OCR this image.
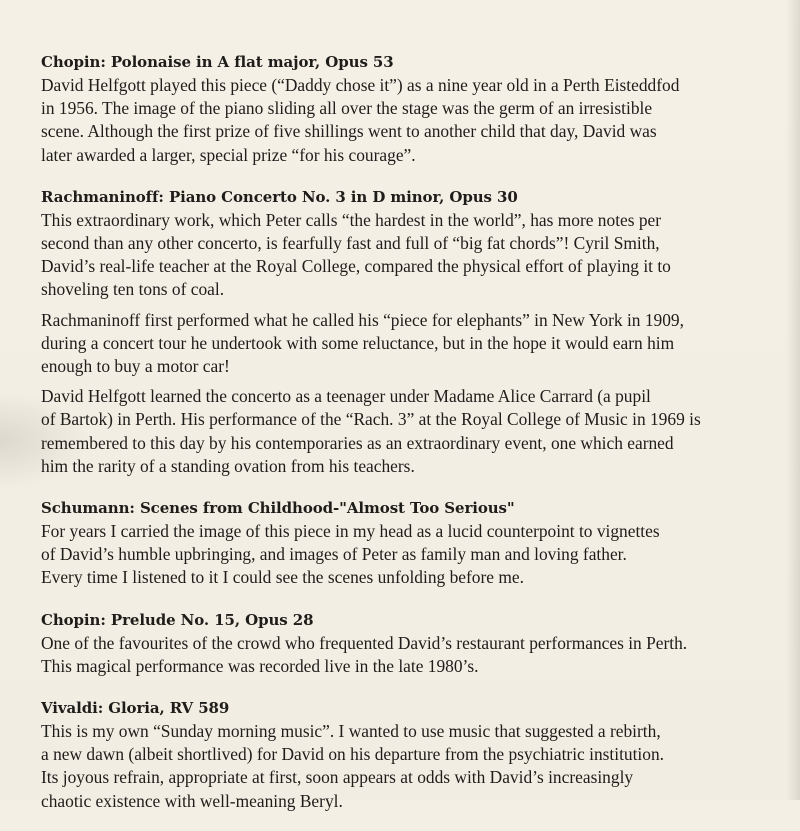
Chopin: Polonaise in A flat major, Opus 53
David Helfgott played this piece (“Daddy chose it”) as a nine year old in a Perth Eisteddfod
in 1956. The image of the piano sliding all over the stage was the germ of an irresistible
scene. Although the first prize of five shillings went to another child that day, David was
later awarded a larger, special prize “for his courage”.
Rachmaninoff: Piano Concerto No. 3 in D minor, Opus 30
This extraordinary work, which Peter calls “the hardest in the world”, has more notes per
second than any other concerto, is fearfully fast and full of “big fat chords”! Cyril Smith,
David’s real-life teacher at the Royal College, compared the physical effort of playing it to
shoveling ten tons of coal.
Rachmaninoff first performed what he called his “piece for elephants” in New York in 1909,
during a concert tour he undertook with some reluctance, but in the hope it would earn him
enough to buy a motor car!
David Helfgott learned the concerto as a teenager under Madame Alice Carrard (a pupil
of Bartok) in Perth. His performance of the “Rach. 3” at the Royal College of Music in 1969 is
remembered to this day by his contemporaries as an extraordinary event, one which earned
him the rarity of a standing ovation from his teachers.
Schumann: Scenes from Childhood-"Almost Too Serious"
For years I carried the image of this piece in my head as a lucid counterpoint to vignettes
of David’s humble upbringing, and images of Peter as family man and loving father.
Every time I listened to it I could see the scenes unfolding before me.
Chopin: Prelude No. 15, Opus 28
One of the favourites of the crowd who frequented David’s restaurant performances in Perth.
This magical performance was recorded live in the late 1980’s.
Vivaldi: Gloria, RV 589
This is my own “Sunday morning music”. I wanted to use music that suggested a rebirth,
a new dawn (albeit shortlived) for David on his departure from the psychiatric institution.
Its joyous refrain, appropriate at first, soon appears at odds with David’s increasingly
chaotic existence with well-meaning Beryl.
